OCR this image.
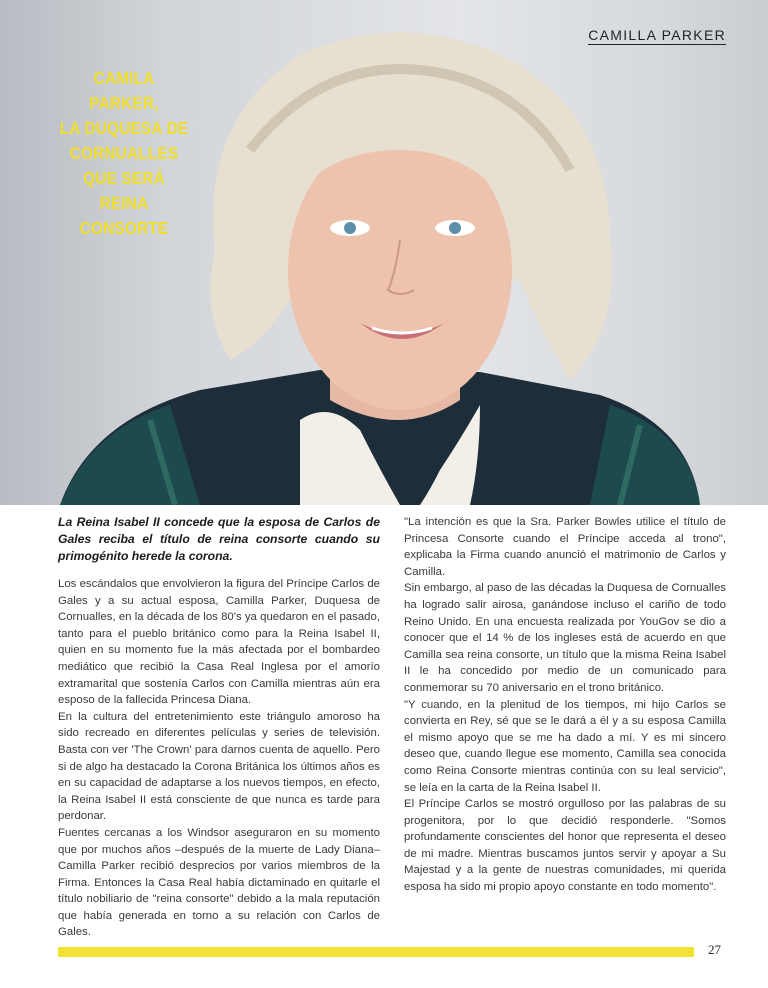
CAMILLA PARKER
CAMILA PARKER,
LA DUQUESA DE
CORNUALLES
QUE SERÁ REINA
CONSORTE

La Reina Isabel II concede que la esposa de Carlos de Gales reciba el título de reina consorte cuando su primogénito herede la corona.

Los escándalos que envolvieron la figura del Príncipe Carlos de Gales y a su actual esposa, Camilla Parker, Duquesa de Cornualles, en la década de los 80's ya quedaron en el pasado, tanto para el pueblo británico como para la Reina Isabel II, quien en su momento fue la más afectada por el bombardeo mediático que recibió la Casa Real Inglesa por el amorío extramarital que sostenía Carlos con Camilla mientras aún era esposo de la fallecida Princesa Diana.

En la cultura del entretenimiento este triángulo amoroso ha sido recreado en diferentes películas y series de televisión. Basta con ver 'The Crown' para darnos cuenta de aquello. Pero si de algo ha destacado la Corona Británica los últimos años es en su capacidad de adaptarse a los nuevos tiempos, en efecto, la Reina Isabel II está consciente de que nunca es tarde para perdonar.

Fuentes cercanas a los Windsor aseguraron en su momento que por muchos años –después de la muerte de Lady Diana– Camilla Parker recibió desprecios por varios miembros de la Firma. Entonces la Casa Real había dictaminado en quitarle el título nobiliario de "reina consorte" debido a la mala reputación que había generada en torno a su relación con Carlos de Gales.

"La intención es que la Sra. Parker Bowles utilice el título de Princesa Consorte cuando el Príncipe acceda al trono", explicaba la Firma cuando anunció el matrimonio de Carlos y Camilla.

Sin embargo, al paso de las décadas la Duquesa de Cornualles ha logrado salir airosa, ganándose incluso el cariño de todo Reino Unido. En una encuesta realizada por YouGov se dio a conocer que el 14 % de los ingleses está de acuerdo en que Camilla sea reina consorte, un título que la misma Reina Isabel II le ha concedido por medio de un comunicado para conmemorar su 70 aniversario en el trono británico.

"Y cuando, en la plenitud de los tiempos, mi hijo Carlos se convierta en Rey, sé que se le dará a él y a su esposa Camilla el mismo apoyo que se me ha dado a mí. Y es mi sincero deseo que, cuando llegue ese momento, Camilla sea conocida como Reina Consorte mientras continúa con su leal servicio", se leía en la carta de la Reina Isabel II.

El Príncipe Carlos se mostró orgulloso por las palabras de su progenitora, por lo que decidió responderle. "Somos profundamente conscientes del honor que representa el deseo de mi madre. Mientras buscamos juntos servir y apoyar a Su Majestad y a la gente de nuestras comunidades, mi querida esposa ha sido mi propio apoyo constante en todo momento".

27
